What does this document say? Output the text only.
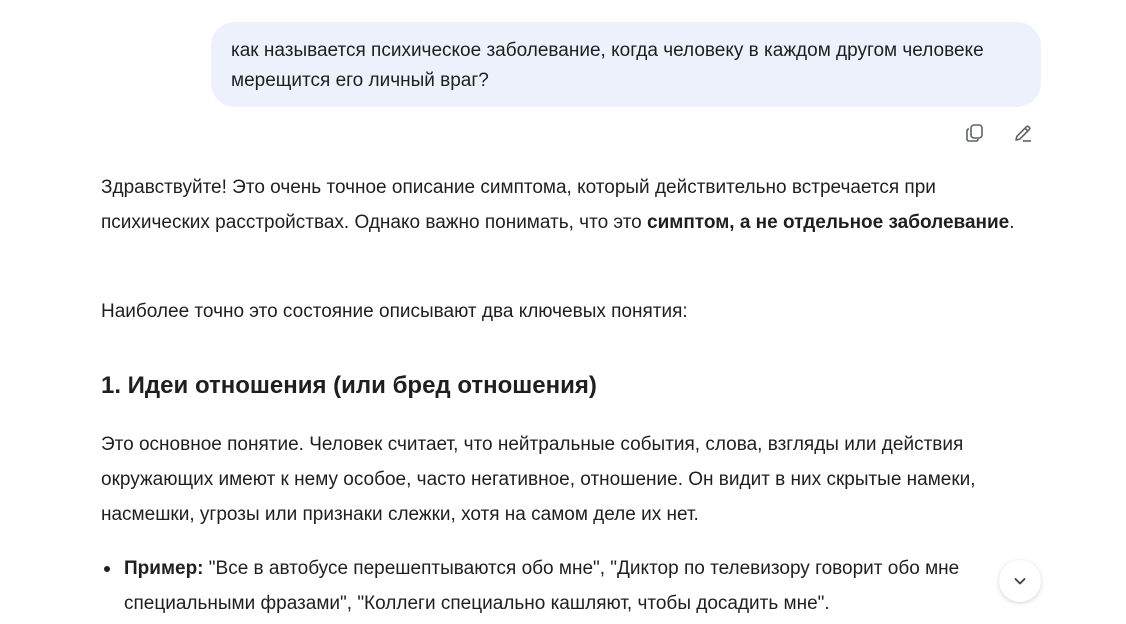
как называется психическое заболевание, когда человеку в каждом другом человеке мерещится его личный враг?

Здравствуйте! Это очень точное описание симптома, который действительно встречается при психических расстройствах. Однако важно понимать, что это симптом, а не отдельное заболевание.

Наиболее точно это состояние описывают два ключевых понятия:

1. Идеи отношения (или бред отношения)

Это основное понятие. Человек считает, что нейтральные события, слова, взгляды или действия окружающих имеют к нему особое, часто негативное, отношение. Он видит в них скрытые намеки, насмешки, угрозы или признаки слежки, хотя на самом деле их нет.

Пример: "Все в автобусе перешептываются обо мне", "Диктор по телевизору говорит обо мне специальными фразами", "Коллеги специально кашляют, чтобы досадить мне".
